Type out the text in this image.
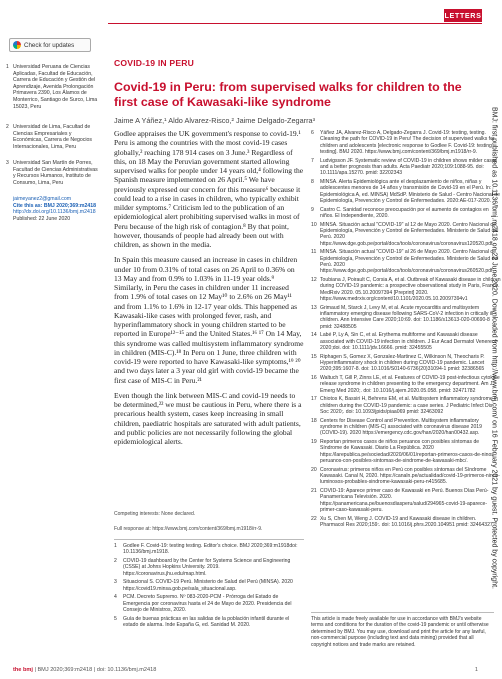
LETTERS
Check for updates
1 Universidad Peruana de Ciencias Aplicadas, Facultad de Educación, Carrera de Educación y Gestión del Aprendizaje, Avenida Prolongación Primavera 2390, Los Álamos de Monterrico, Santiago de Surco, Lima 15023, Peru
2 Universidad de Lima, Facultad de Ciencias Empresariales y Económicas, Carrera de Negocios Internacionales, Lima, Peru
3 Universidad San Martín de Porres, Facultad de Ciencias Administrativas y Recursos Humanos, Instituto de Consumo, Lima, Peru
jaimeyanez2@gmail.com
Cite this as: BMJ 2020;369:m2418
http://dx.doi.org/10.1136/bmj.m2418
Published: 22 June 2020
COVID-19 IN PERU
Covid-19 in Peru: from supervised walks for children to the first case of Kawasaki-like syndrome
Jaime A Yáñez,¹ Aldo Alvarez-Risco,² Jaime Delgado-Zegarra³

Godlee appraises the UK government's response to covid-19.¹ Peru is among the countries with the most covid-19 cases globally,² reaching 178 914 cases on 3 June.³ Regardless of this, on 18 May the Peruvian government started allowing supervised walks for people under 14 years old,⁴ following the Spanish measure implemented on 26 April.⁵ We have previously expressed our concern for this measure⁶ because it could lead to a rise in cases in children, who typically exhibit milder symptoms.⁷ Criticism led to the publication of an epidemiological alert prohibiting supervised walks in most of Peru because of the high risk of contagion.⁸ By that point, however, thousands of people had already been out with children, as shown in the media.

In Spain this measure caused an increase in cases in children under 10 from 0.31% of total cases on 26 April to 0.36% on 13 May and from 0.9% to 1.03% in 11-19 year olds.⁹ Similarly, in Peru the cases in children under 11 increased from 1.9% of total cases on 12 May¹⁰ to 2.6% on 26 May¹¹ and from 1.1% to 1.6% in 12-17 year olds. This happened as Kawasaki-like cases with prolonged fever, rash, and hyperinflammatory shock in young children started to be reported in Europe¹²⁻¹⁵ and the United States.¹⁶ ¹⁷ On 14 May, this syndrome was called multisystem inflammatory syndrome in children (MIS-C).¹⁸ In Peru on 1 June, three children with covid-19 were reported to have Kawasaki-like symptoms,¹⁹ ²⁰ and two days later a 3 year old girl with covid-19 became the first case of MIS-C in Peru.²¹

Even though the link between MIS-C and covid-19 needs to be determined,²² we must be cautious in Peru, where there is a precarious health system, cases keep increasing in small children, paediatric hospitals are saturated with adult patients, and public policies are not necessarily following the global epidemiological alerts.

Competing interests: None declared.
Full response at: https://www.bmj.com/content/369/bmj.m1918/rr-9.
1 Godlee F. Covid-19: testing testing. Editor's choice. BMJ 2020;369:m1918doi: 10.1136/bmj.m1918.
2 COVID-19 dashboard by the Center for Systems Science and Engineering (CSSE) at Johns Hopkins University. 2019. https://coronavirus.jhu.edu/map.html.
3 Situacional S. COVID-19 Perú. Ministerio de Salud del Perú (MINSA). 2020 https://covid19.minsa.gob.pe/sala_situacional.asp.
4 PCM. Decreto Supremo. Nº 083-2020-PCM - Prórroga del Estado de Emergencia por coronavirus hasta el 24 de Mayo de 2020. Presidencia del Consejo de Ministros, 2020.
5 Guía de buenas prácticas en las salidas de la población infantil durante el estado de alarma. Inde España G, ed. Sanidad M. 2020.
6 Yáñez JA, Alvarez-Risco A, Delgado-Zegarra J. Covid-19: testing, testing. Cleaning the path for COVID-19 in Peru! The decision of supervised walks for children and adolescents [electronic response to Godlee F. Covid-19: testing testing]. BMJ 2020. https://www.bmj.com/content/369/bmj.m1918/rr-9.
7 Ludvigsson JF. Systematic review of COVID-19 in children shows milder cases and a better prognosis than adults. Acta Paediatr 2020;109:1088-95. doi: 10.1111/apa.15270. pmid: 32202343
8 MINSA. Alerta Epidemiológica ante el desplazamiento de niños, niñas y adolescentes menores de 14 años y transmisión de Covid-19 en el Perú. In: Epidemiológica A, ed. MINSA) MdSdP. Ministerio de Salud - Centro Nacional de Epidemiología, Prevención y Control de Enfermedades. 2020:AE-017-2020.
9 Castro C. Sanidad reconoce preocupación por el aumento de contagios en niños. El Independiente, 2020.
10 MINSA. Situación actual "COVID-19" al 12 de Mayo 2020. Centro Nacional de Epidemiología, Prevención y Control de Enfermedades. Ministerio de Salud del Perú. 2020 https://www.dge.gob.pe/portal/docs/tools/coronavirus/coronavirus120520.pdf.
11 MINSA. Situación actual "COVID-19" al 26 de Mayo 2020. Centro Nacional de Epidemiología, Prevención y Control de Enfermedades. Ministerio de Salud del Perú. 2020 https://www.dge.gob.pe/portal/docs/tools/coronavirus/coronavirus260520.pdf.
12 Toubiana J, Poirault C, Corsia A, et al. Outbreak of Kawasaki disease in children during COVID-19 pandemic: a prospective observational study in Paris, France. MedRxiv 2020. 05.10.20097394 [Preprint] 2020. https://www.medrxiv.org/content/10.1101/2020.05.10.20097394v1
13 Grimaud M, Starck J, Levy M, et al. Acute myocarditis and multisystem inflammatory emerging disease following SARS-CoV-2 infection in critically ill children. Ann Intensive Care 2020;10:69. doi: 10.1186/s13613-020-00690-8 pmid: 32488505
14 Labé P, Ly A, Sin C, et al. Erythema multiforme and Kawasaki disease associated with COVID-19 infection in children. J Eur Acad Dermatol Venereol 2020;doi. doi: 10.1111/jdv.16666. pmid: 32455505
15 Riphagen S, Gomez X, Gonzalez-Martinez C, Wilkinson N, Theocharis P. Hyperinflammatory shock in children during COVID-19 pandemic. Lancet 2020;395:1607-8. doi: 10.1016/S0140-6736(20)31094-1 pmid: 32386565
16 Waltuch T, Gill P, Zinns LE, et al. Features of COVID-19 post-infectious cytokine release syndrome in children presenting to the emergency department. Am J Emerg Med 2020;. doi: 10.1016/j.ajem.2020.05.058. pmid: 32471782
17 Chiotos K, Bassiri H, Behrens EM, et al. Multisystem inflammatory syndrome in children during the COVID-19 pandemic: a case series. J Pediatric Infect Dis Soc 2020;. doi: 10.1093/jpids/piaa069 pmid: 32463092
18 Centers for Disease Control and Prevention. Multisystem inflammatory syndrome in children (MIS-C) associated with coronavirus disease 2019 (COVID-19). 2020 https://emergency.cdc.gov/han/2020/han00432.asp.
19 Reportan primeros casos de niños peruanos con posibles síntomas de Síndrome de Kawasaki. Diario La República. 2020 https://larepublica.pe/sociedad/2020/06/01/reportan-primeros-casos-de-ninos-peruanos-con-posibles-sintomas-de-sindrome-de-kawasaki-mbc/.
20 Coronavirus: primeros niños en Perú con posibles síntomas del Síndrome Kawasaki. Canal N, 2020. https://canaln.pe/actualidad/covid-19-primeros-ninos-luminosos-probables-sindrome-kawasaki-peru-n415685.
21 COVID-19: Aparece primer caso de Kawasaki en Perú. Buenos Días Perú-Panamericana Televisión. 2020. https://panamericana.pe/buenosdiasperu/salud/294965-covid-19-aparece-primer-caso-kawasaki-peru.
22 Xu S, Chen M, Weng J. COVID-19 and Kawasaki disease in children. Pharmacol Res 2020;159:. doi: 10.1016/j.phrs.2020.104951 pmid: 32464327
This article is made freely available for use in accordance with BMJ's website terms and conditions for the duration of the covid-19 pandemic or until otherwise determined by BMJ. You may use, download and print the article for any lawful, non-commercial purpose (including text and data mining) provided that all copyright notices and trade marks are retained.
the bmj | BMJ 2020;369:m2418 | doi: 10.1136/bmj.m2418	1
BMJ: first published as 10.1136/bmj.m2418 on 22 June 2020. Downloaded from http://www.bmj.com/ on 16 February 2021 by guest. Protected by copyright.
